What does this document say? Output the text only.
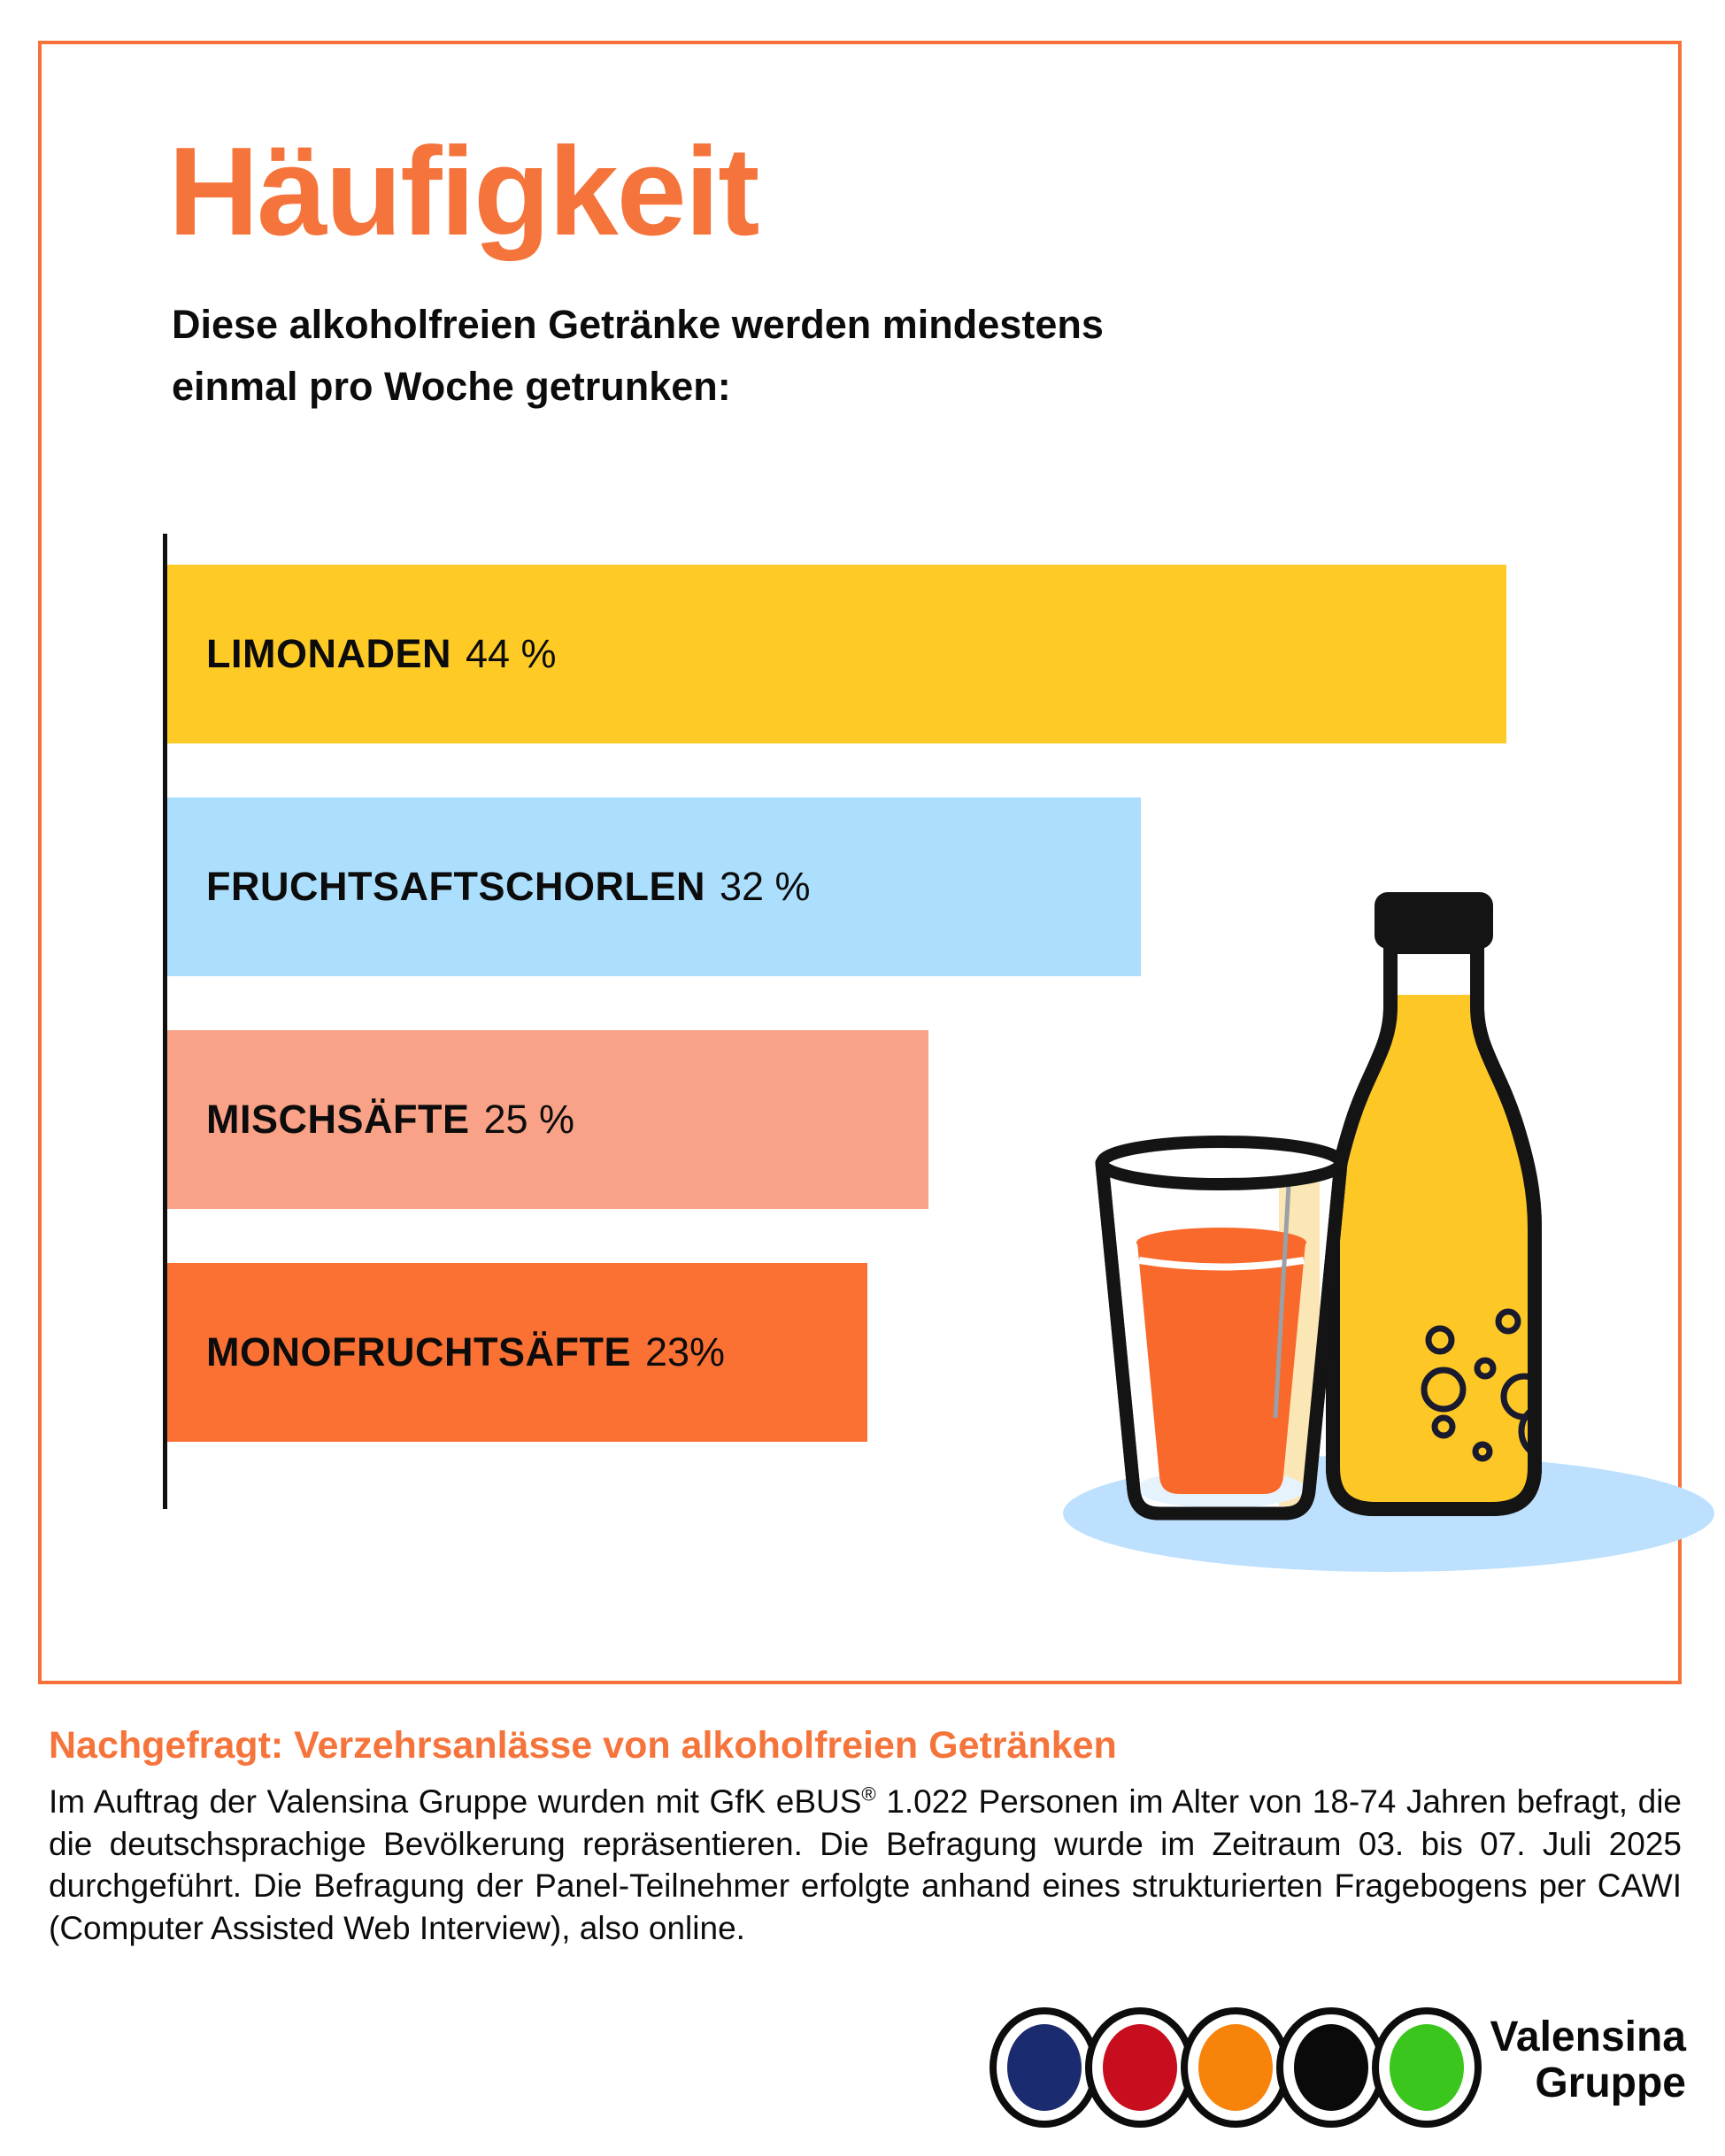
Häufigkeit

Diese alkoholfreien Getränke werden mindestens
einmal pro Woche getrunken:

LIMONADEN 44 %
FRUCHTSAFTSCHORLEN 32 %
MISCHSÄFTE 25 %
MONOFRUCHTSÄFTE 23%
Nachgefragt: Verzehrsanlässe von alkoholfreien Getränken

Im Auftrag der Valensina Gruppe wurden mit GfK eBUS® 1.022 Personen im Alter von 18-74 Jahren befragt, die die deutschsprachige Bevölkerung repräsentieren. Die Befragung wurde im Zeitraum 03. bis 07. Juli 2025 durchgeführt. Die Befragung der Panel-Teilnehmer erfolgte anhand eines strukturierten Fragebogens per CAWI (Computer Assisted Web Interview), also online.

Valensina
Gruppe
